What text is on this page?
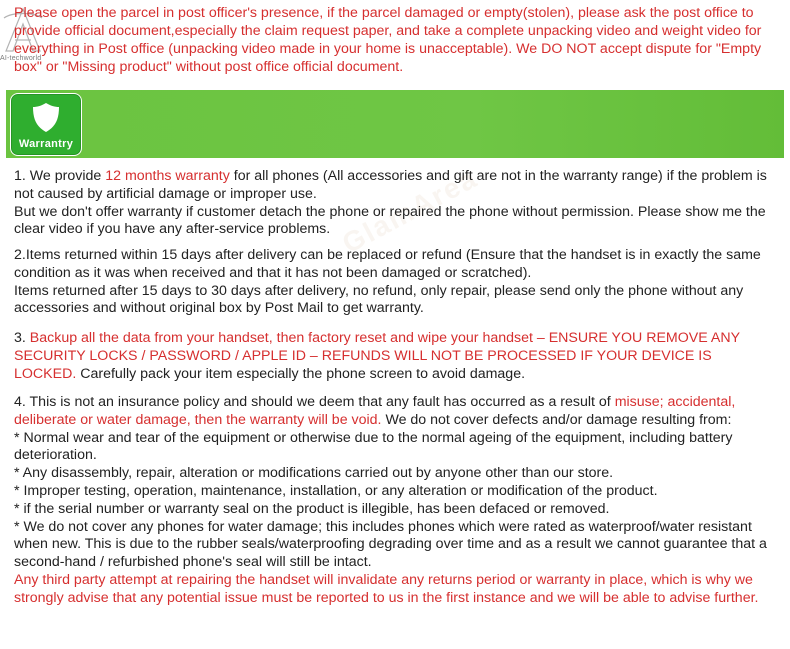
AI-techworld
Please open the parcel in post officer's presence, if the parcel damaged or empty(stolen), please ask the post office to provide official document,especially the claim request paper, and take a complete unpacking video and weight video for everything in Post office (unpacking video made in your home is unacceptable). We DO NOT accept dispute for "Empty box" or "Missing product" without post office official document.
Warrantry
GlamArea
1. We provide 12 months warranty for all phones (All accessories and gift are not in the warranty range) if the problem is not caused by artificial damage or improper use.
But we don't offer warranty if customer detach the phone or repaired the phone without permission. Please show me the clear video if you have any after-service problems.
2.Items returned within 15 days after delivery can be replaced or refund (Ensure that the handset is in exactly the same condition as it was when received and that it has not been damaged or scratched).
Items returned after 15 days to 30 days after delivery, no refund, only repair, please send only the phone without any accessories and without original box by Post Mail to get warranty.
3. Backup all the data from your handset, then factory reset and wipe your handset – ENSURE YOU REMOVE ANY SECURITY LOCKS / PASSWORD / APPLE ID – REFUNDS WILL NOT BE PROCESSED IF YOUR DEVICE IS LOCKED. Carefully pack your item especially the phone screen to avoid damage.
4. This is not an insurance policy and should we deem that any fault has occurred as a result of misuse; accidental, deliberate or water damage, then the warranty will be void. We do not cover defects and/or damage resulting from:
* Normal wear and tear of the equipment or otherwise due to the normal ageing of the equipment, including battery deterioration.
* Any disassembly, repair, alteration or modifications carried out by anyone other than our store.
* Improper testing, operation, maintenance, installation, or any alteration or modification of the product.
* if the serial number or warranty seal on the product is illegible, has been defaced or removed.
* We do not cover any phones for water damage; this includes phones which were rated as waterproof/water resistant when new. This is due to the rubber seals/waterproofing degrading over time and as a result we cannot guarantee that a second-hand / refurbished phone's seal will still be intact.
Any third party attempt at repairing the handset will invalidate any returns period or warranty in place, which is why we strongly advise that any potential issue must be reported to us in the first instance and we will be able to advise further.
